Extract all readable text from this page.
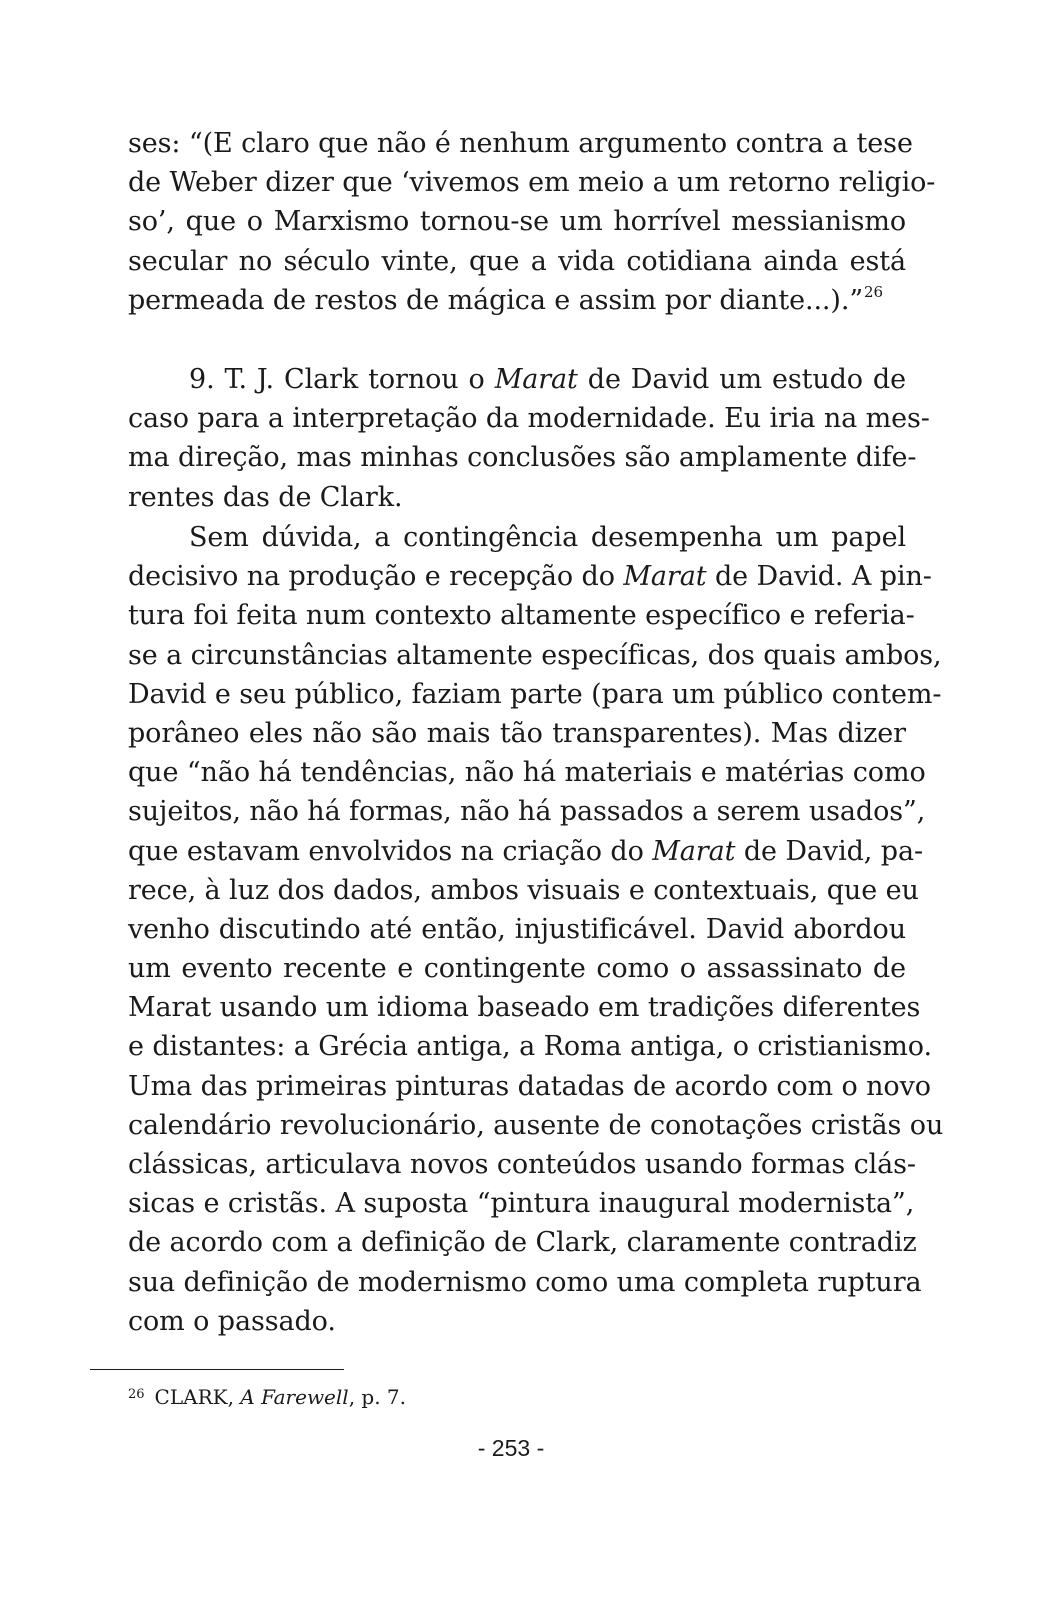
ses: “(E claro que não é nenhum argumento contra a tese
de Weber dizer que ‘vivemos em meio a um retorno religio-
so’, que o Marxismo tornou-se um horrível messianismo
secular no século vinte, que a vida cotidiana ainda está
permeada de restos de mágica e assim por diante...).”$^{26}$
9. T. J. Clark tornou o Marat de David um estudo de
caso para a interpretação da modernidade. Eu iria na mes-
ma direção, mas minhas conclusões são amplamente dife-
rentes das de Clark.
Sem dúvida, a contingência desempenha um papel
decisivo na produção e recepção do Marat de David. A pin-
tura foi feita num contexto altamente específico e referia-
se a circunstâncias altamente específicas, dos quais ambos,
David e seu público, faziam parte (para um público contem-
porâneo eles não são mais tão transparentes). Mas dizer
que “não há tendências, não há materiais e matérias como
sujeitos, não há formas, não há passados a serem usados”,
que estavam envolvidos na criação do Marat de David, pa-
rece, à luz dos dados, ambos visuais e contextuais, que eu
venho discutindo até então, injustificável. David abordou
um evento recente e contingente como o assassinato de
Marat usando um idioma baseado em tradições diferentes
e distantes: a Grécia antiga, a Roma antiga, o cristianismo.
Uma das primeiras pinturas datadas de acordo com o novo
calendário revolucionário, ausente de conotações cristãs ou
clássicas, articulava novos conteúdos usando formas clás-
sicas e cristãs. A suposta “pintura inaugural modernista”,
de acordo com a definição de Clark, claramente contradiz
sua definição de modernismo como uma completa ruptura
com o passado.
$^{26}$ CLARK, A Farewell, p. 7.
- 253 -
